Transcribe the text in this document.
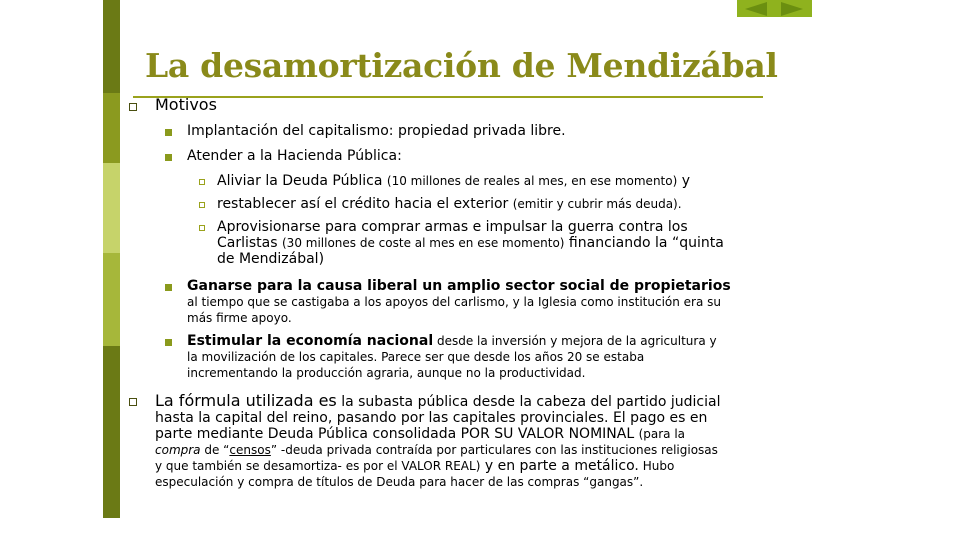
La desamortización de Mendizábal
Motivos
Implantación del capitalismo: propiedad privada libre.
Atender a la Hacienda Pública:
Aliviar la Deuda Pública (10 millones de reales al mes, en ese momento) y
restablecer así el crédito hacia el exterior (emitir y cubrir más deuda).
Aprovisionarse para comprar armas e impulsar la guerra contra los
Carlistas (30 millones de coste al mes en ese momento) financiando la “quinta
de Mendizábal)
Ganarse para la causa liberal un amplio sector social de propietarios
al tiempo que se castigaba a los apoyos del carlismo, y la Iglesia como institución era su
más firme apoyo.
Estimular la economía nacional desde la inversión y mejora de la agricultura y
la movilización de los capitales. Parece ser que desde los años 20 se estaba
incrementando la producción agraria, aunque no la productividad.
La fórmula utilizada es la subasta pública desde la cabeza del partido judicial
hasta la capital del reino, pasando por las capitales provinciales. El pago es en
parte mediante Deuda Pública consolidada POR SU VALOR NOMINAL (para la
compra de “censos” -deuda privada contraída por particulares con las instituciones religiosas
y que también se desamortiza- es por el VALOR REAL) y en parte a metálico. Hubo
especulación y compra de títulos de Deuda para hacer de las compras “gangas”.
